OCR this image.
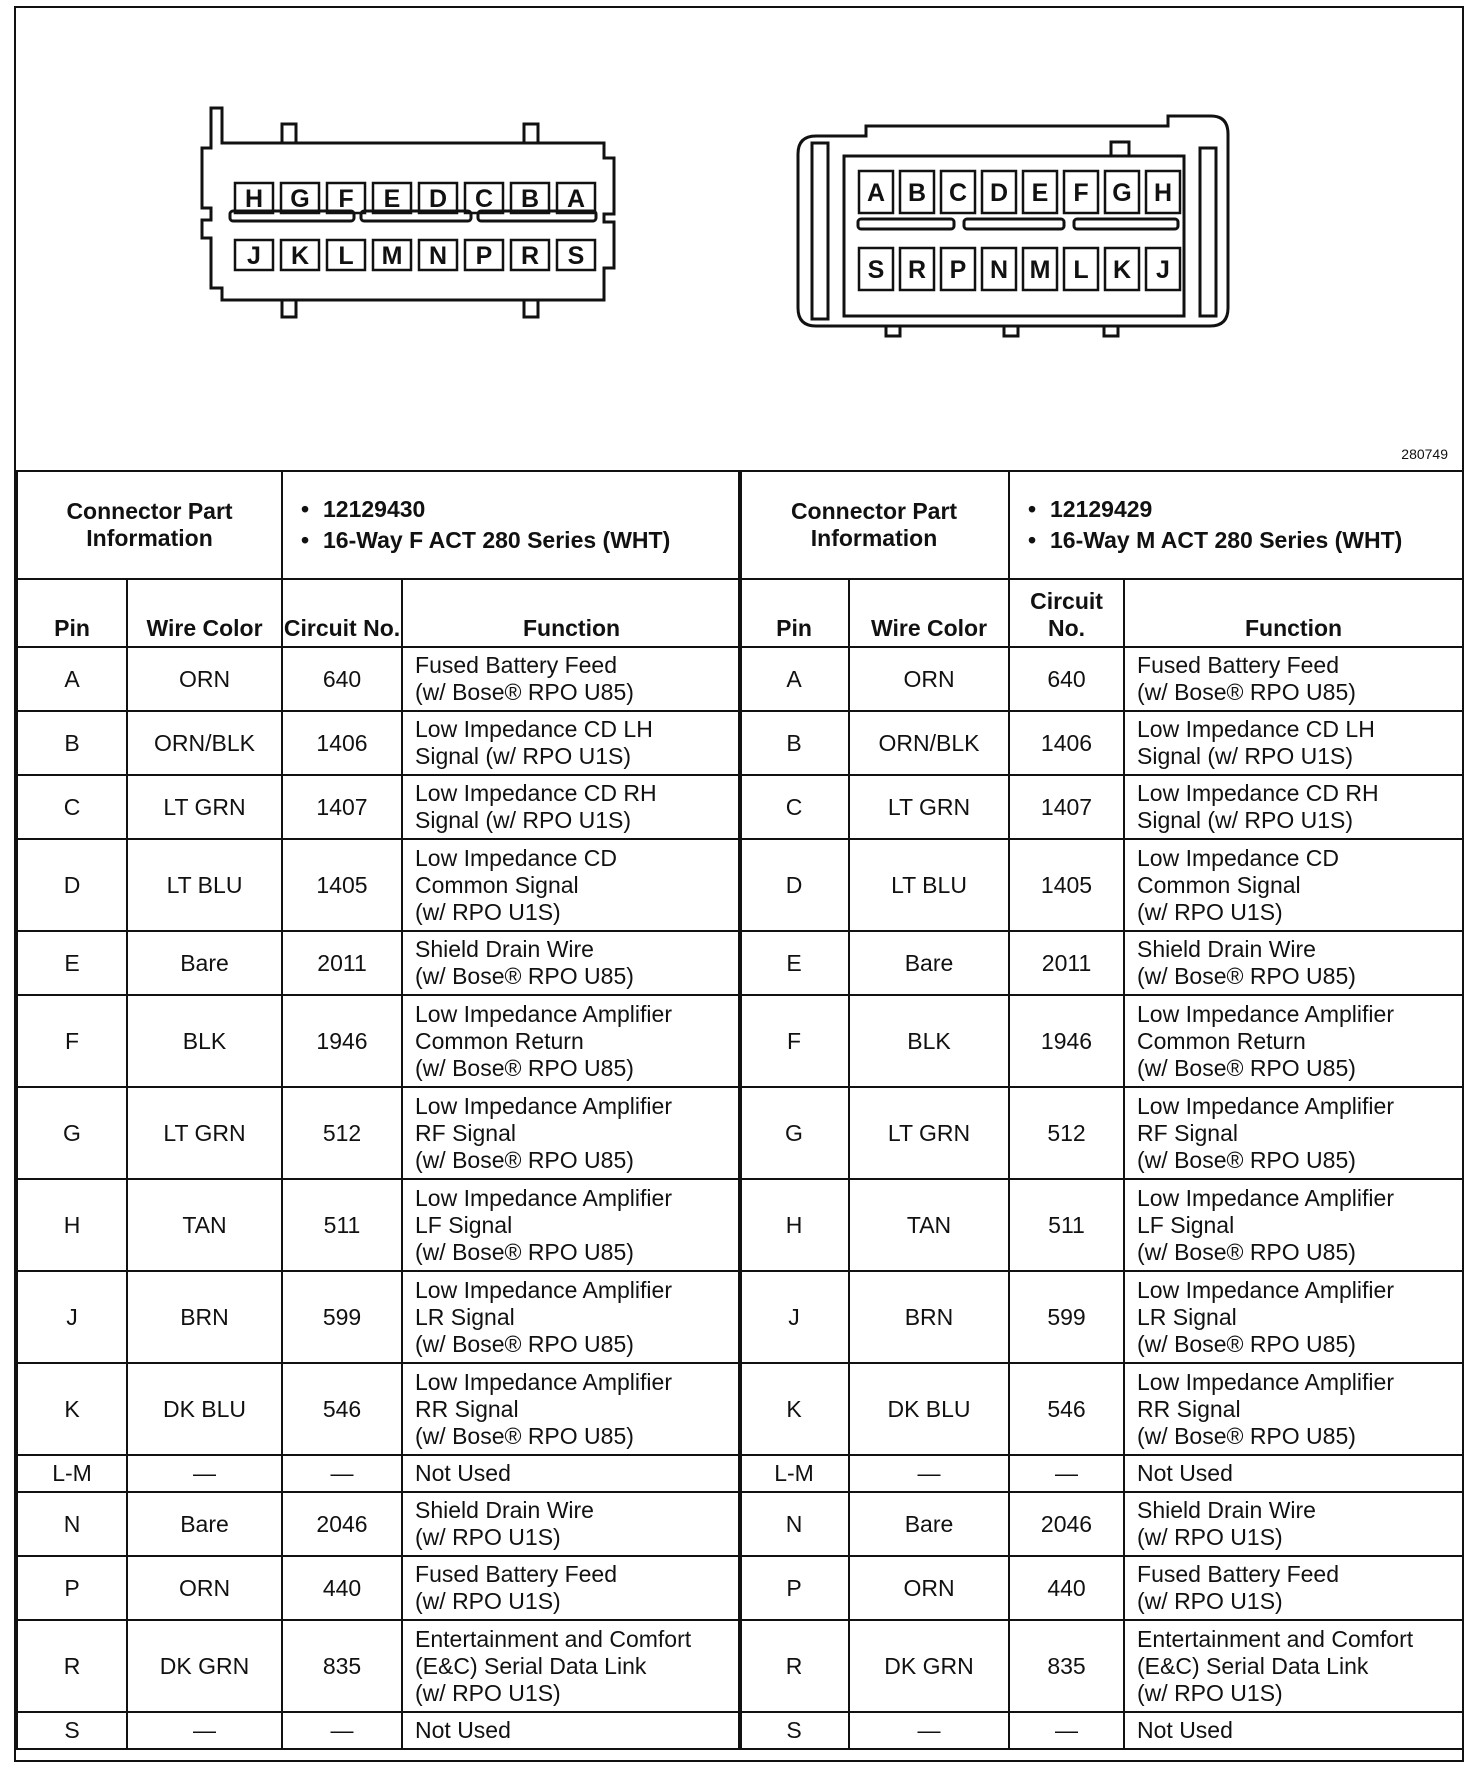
H G F E D C B A
J K L M N P R S
A B C D E F G H
S R P N M L K J
280749
Connector Part Information		• 12129430
• 16-Way F ACT 280 Series (WHT)	

Pin	Wire Color	Circuit No.	Function
A	ORN	640	Fused Battery Feed
(w/ Bose® RPO U85)
B	ORN/BLK	1406	Low Impedance CD LH
Signal (w/ RPO U1S)
C	LT GRN	1407	Low Impedance CD RH
Signal (w/ RPO U1S)
D	LT BLU	1405	Low Impedance CD
Common Signal
(w/ RPO U1S)
E	Bare	2011	Shield Drain Wire
(w/ Bose® RPO U85)
F	BLK	1946	Low Impedance Amplifier
Common Return
(w/ Bose® RPO U85)
G	LT GRN	512	Low Impedance Amplifier
RF Signal
(w/ Bose® RPO U85)
H	TAN	511	Low Impedance Amplifier
LF Signal
(w/ Bose® RPO U85)
J	BRN	599	Low Impedance Amplifier
LR Signal
(w/ Bose® RPO U85)
K	DK BLU	546	Low Impedance Amplifier
RR Signal
(w/ Bose® RPO U85)
L-M	—	—	Not Used
N	Bare	2046	Shield Drain Wire
(w/ RPO U1S)
P	ORN	440	Fused Battery Feed
(w/ RPO U1S)
R	DK GRN	835	Entertainment and Comfort
(E&C) Serial Data Link
(w/ RPO U1S)
S	—	—	Not Used
Connector Part Information		• 12129429
• 16-Way M ACT 280 Series (WHT)	

Pin	Wire Color	Circuit No.	Function
A	ORN	640	Fused Battery Feed
(w/ Bose® RPO U85)
B	ORN/BLK	1406	Low Impedance CD LH
Signal (w/ RPO U1S)
C	LT GRN	1407	Low Impedance CD RH
Signal (w/ RPO U1S)
D	LT BLU	1405	Low Impedance CD
Common Signal
(w/ RPO U1S)
E	Bare	2011	Shield Drain Wire
(w/ Bose® RPO U85)
F	BLK	1946	Low Impedance Amplifier
Common Return
(w/ Bose® RPO U85)
G	LT GRN	512	Low Impedance Amplifier
RF Signal
(w/ Bose® RPO U85)
H	TAN	511	Low Impedance Amplifier
LF Signal
(w/ Bose® RPO U85)
J	BRN	599	Low Impedance Amplifier
LR Signal
(w/ Bose® RPO U85)
K	DK BLU	546	Low Impedance Amplifier
RR Signal
(w/ Bose® RPO U85)
L-M	—	—	Not Used
N	Bare	2046	Shield Drain Wire
(w/ RPO U1S)
P	ORN	440	Fused Battery Feed
(w/ RPO U1S)
R	DK GRN	835	Entertainment and Comfort
(E&C) Serial Data Link
(w/ RPO U1S)
S	—	—	Not Used
